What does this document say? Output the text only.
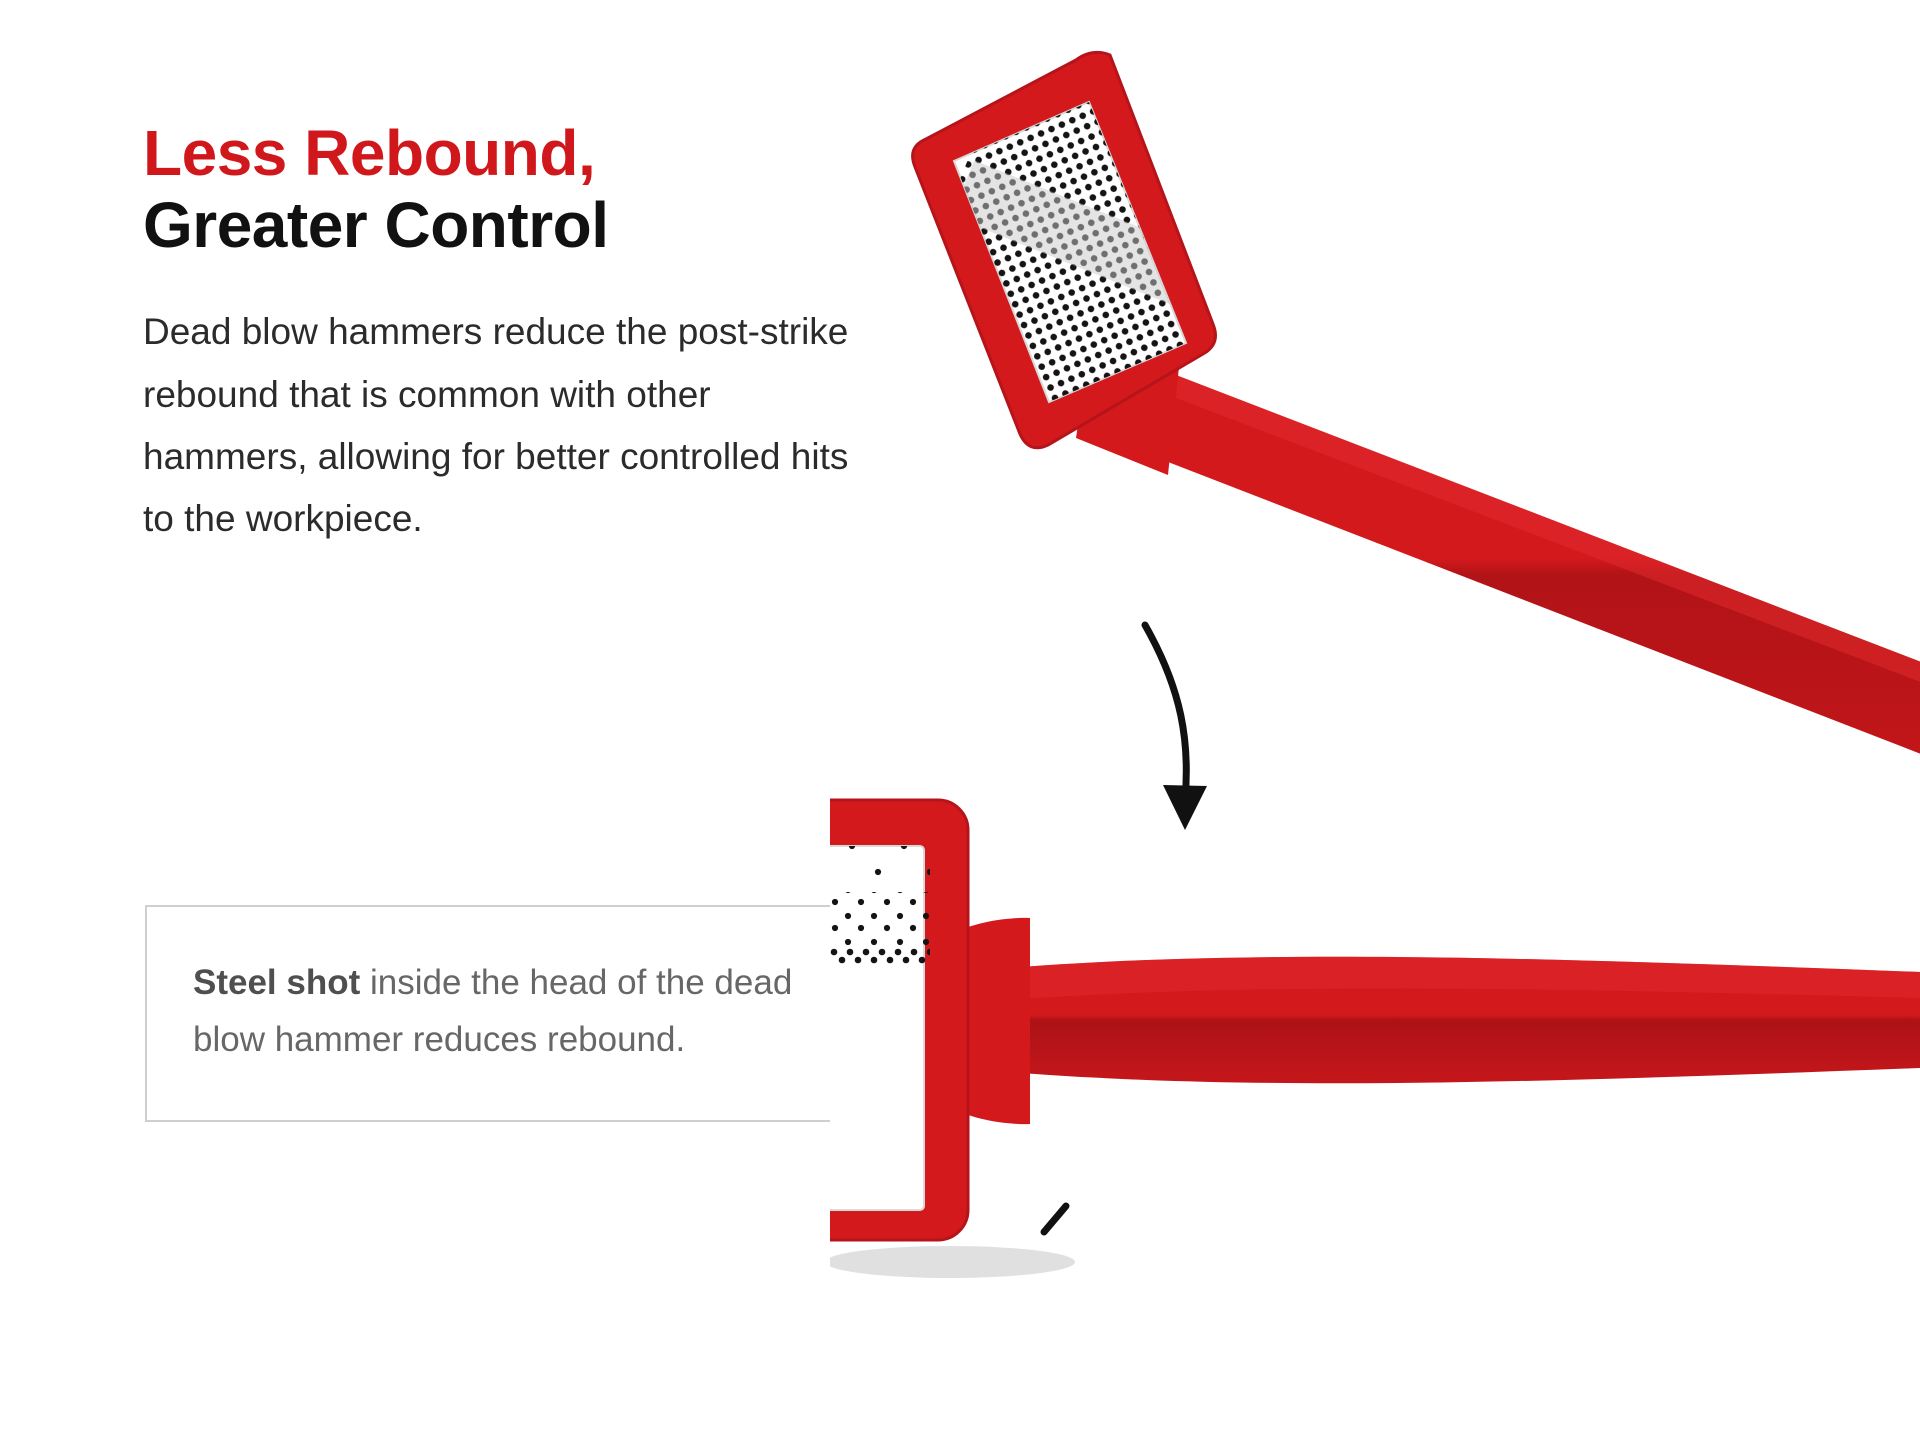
Less Rebound,
Greater Control

Dead blow hammers reduce the post-strike rebound that is common with other hammers, allowing for better controlled hits to the workpiece.

Steel shot inside the head of the dead blow hammer reduces rebound.
